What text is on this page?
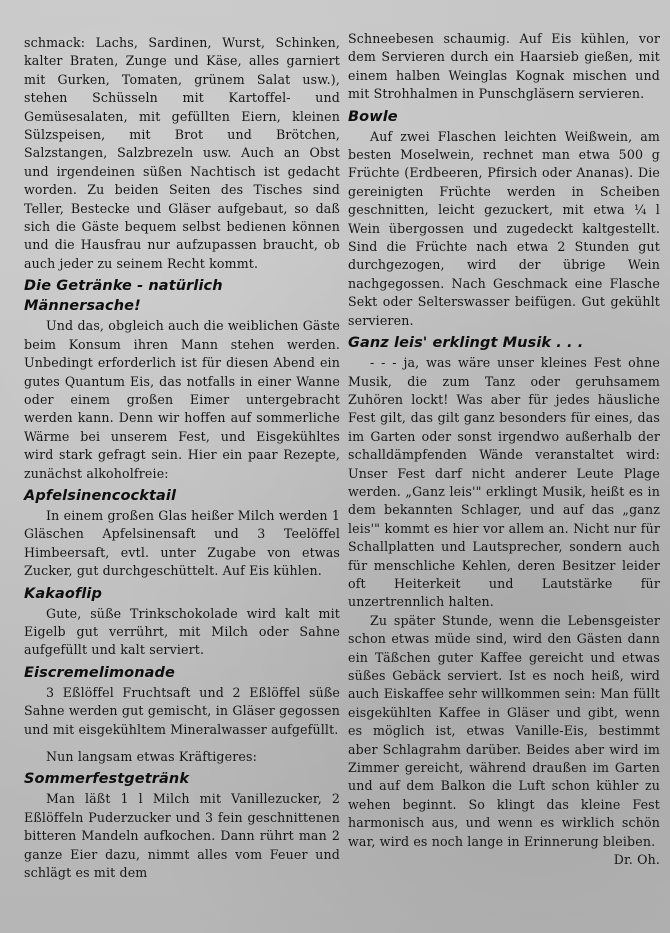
schmack: Lachs, Sardinen, Wurst, Schinken, kalter Braten, Zunge und Käse, alles garniert mit Gurken, Tomaten, grünem Salat usw.), stehen Schüsseln mit Kartoffel- und Gemüsesalaten, mit gefüllten Eiern, kleinen Sülzspeisen, mit Brot und Brötchen, Salzstangen, Salzbrezeln usw. Auch an Obst und irgendeinen süßen Nachtisch ist gedacht worden. Zu beiden Seiten des Tisches sind Teller, Bestecke und Gläser aufgebaut, so daß sich die Gäste bequem selbst bedienen können und die Hausfrau nur aufzupassen braucht, ob auch jeder zu seinem Recht kommt.

Die Getränke - natürlich Männersache!

Und das, obgleich auch die weiblichen Gäste beim Konsum ihren Mann stehen werden. Unbedingt erforderlich ist für diesen Abend ein gutes Quantum Eis, das notfalls in einer Wanne oder einem großen Eimer untergebracht werden kann. Denn wir hoffen auf sommerliche Wärme bei unserem Fest, und Eisgekühltes wird stark gefragt sein. Hier ein paar Rezepte, zunächst alkoholfreie:

Apfelsinencocktail

In einem großen Glas heißer Milch werden 1 Gläschen Apfelsinensaft und 3 Teelöffel Himbeersaft, evtl. unter Zugabe von etwas Zucker, gut durchgeschüttelt. Auf Eis kühlen.

Kakaoflip

Gute, süße Trinkschokolade wird kalt mit Eigelb gut verrührt, mit Milch oder Sahne aufgefüllt und kalt serviert.

Eiscremelimonade

3 Eßlöffel Fruchtsaft und 2 Eßlöffel süße Sahne werden gut gemischt, in Gläser gegossen und mit eisgekühltem Mineralwasser aufgefüllt.

Nun langsam etwas Kräftigeres:

Sommerfestgetränk

Man läßt 1 l Milch mit Vanillezucker, 2 Eßlöffeln Puderzucker und 3 fein geschnittenen bitteren Mandeln aufkochen. Dann rührt man 2 ganze Eier dazu, nimmt alles vom Feuer und schlägt es mit dem

Schneebesen schaumig. Auf Eis kühlen, vor dem Servieren durch ein Haarsieb gießen, mit einem halben Weinglas Kognak mischen und mit Strohhalmen in Punschgläsern servieren.

Bowle

Auf zwei Flaschen leichten Weißwein, am besten Moselwein, rechnet man etwa 500 g Früchte (Erdbeeren, Pfirsich oder Ananas). Die gereinigten Früchte werden in Scheiben geschnitten, leicht gezuckert, mit etwa ¼ l Wein übergossen und zugedeckt kaltgestellt. Sind die Früchte nach etwa 2 Stunden gut durchgezogen, wird der übrige Wein nachgegossen. Nach Geschmack eine Flasche Sekt oder Selterswasser beifügen. Gut gekühlt servieren.

Ganz leis' erklingt Musik . . .

- - - ja, was wäre unser kleines Fest ohne Musik, die zum Tanz oder geruhsamem Zuhören lockt! Was aber für jedes häusliche Fest gilt, das gilt ganz besonders für eines, das im Garten oder sonst irgendwo außerhalb der schalldämpfenden Wände veranstaltet wird: Unser Fest darf nicht anderer Leute Plage werden. „Ganz leis'" erklingt Musik, heißt es in dem bekannten Schlager, und auf das „ganz leis'" kommt es hier vor allem an. Nicht nur für Schallplatten und Lautsprecher, sondern auch für menschliche Kehlen, deren Besitzer leider oft Heiterkeit und Lautstärke für unzertrennlich halten.

Zu später Stunde, wenn die Lebensgeister schon etwas müde sind, wird den Gästen dann ein Täßchen guter Kaffee gereicht und etwas süßes Gebäck serviert. Ist es noch heiß, wird auch Eiskaffee sehr willkommen sein: Man füllt eisgekühlten Kaffee in Gläser und gibt, wenn es möglich ist, etwas Vanille-Eis, bestimmt aber Schlagrahm darüber. Beides aber wird im Zimmer gereicht, während draußen im Garten und auf dem Balkon die Luft schon kühler zu wehen beginnt. So klingt das kleine Fest harmonisch aus, und wenn es wirklich schön war, wird es noch lange in Erinnerung bleiben.

Dr. Oh.
